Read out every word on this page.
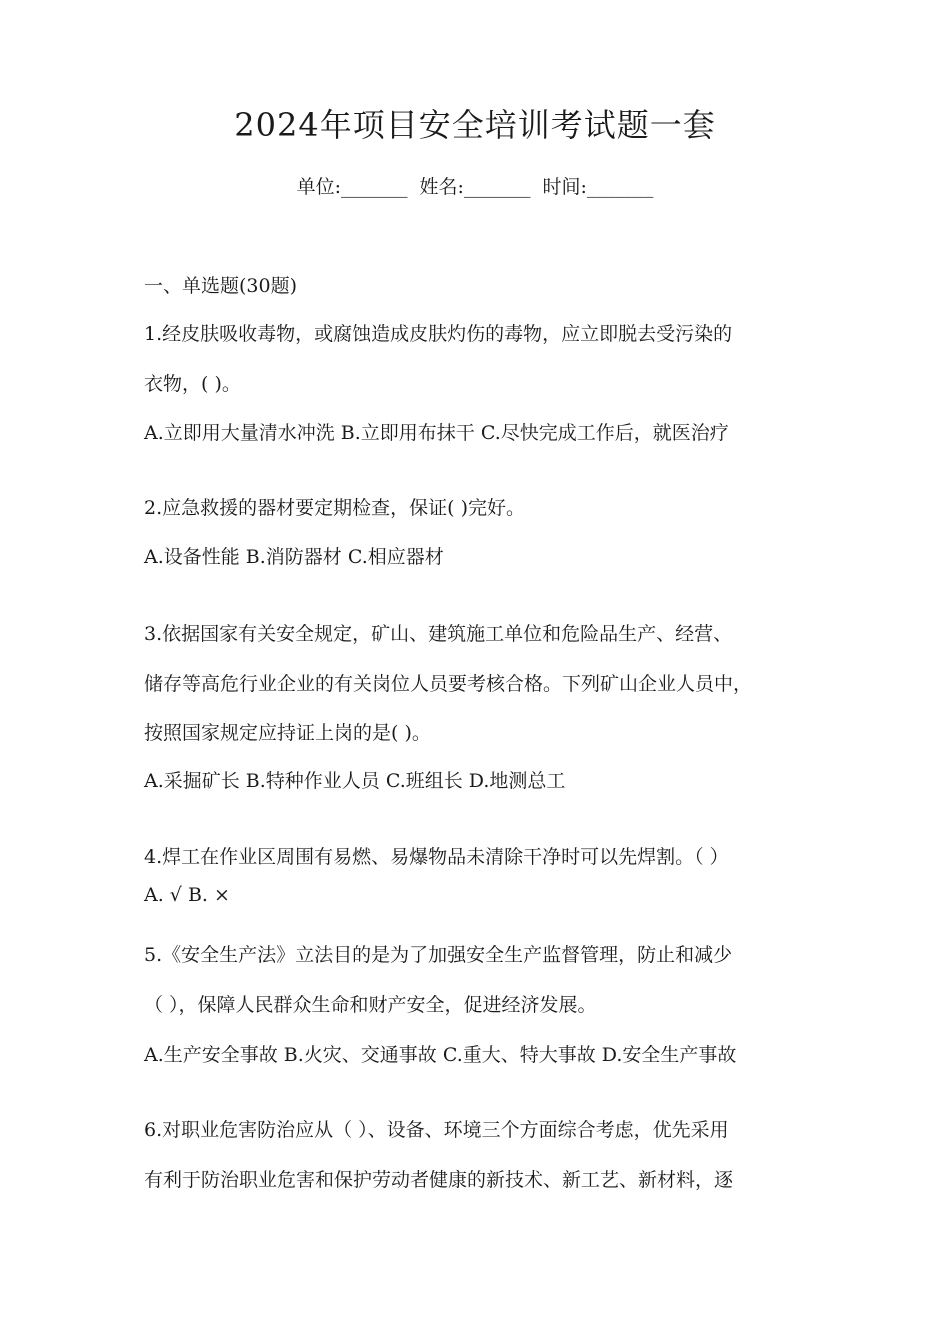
2024年项目安全培训考试题一套
单位:_______ 姓名:_______ 时间:_______
一、单选题(30题)
1.经皮肤吸收毒物，或腐蚀造成皮肤灼伤的毒物，应立即脱去受污染的
衣物，( )。
A.立即用大量清水冲洗 B.立即用布抹干 C.尽快完成工作后，就医治疗
2.应急救援的器材要定期检查，保证( )完好。
A.设备性能 B.消防器材 C.相应器材
3.依据国家有关安全规定，矿山、建筑施工单位和危险品生产、经营、
储存等高危行业企业的有关岗位人员要考核合格。下列矿山企业人员中，
按照国家规定应持证上岗的是( )。
A.采掘矿长 B.特种作业人员 C.班组长 D.地测总工
4.焊工在作业区周围有易燃、易爆物品未清除干净时可以先焊割。（ ）
A. √ B. ×
5.《安全生产法》立法目的是为了加强安全生产监督管理，防止和减少
（ ），保障人民群众生命和财产安全，促进经济发展。
A.生产安全事故 B.火灾、交通事故 C.重大、特大事故 D.安全生产事故
6.对职业危害防治应从（ ）、设备、环境三个方面综合考虑，优先采用
有利于防治职业危害和保护劳动者健康的新技术、新工艺、新材料，逐
